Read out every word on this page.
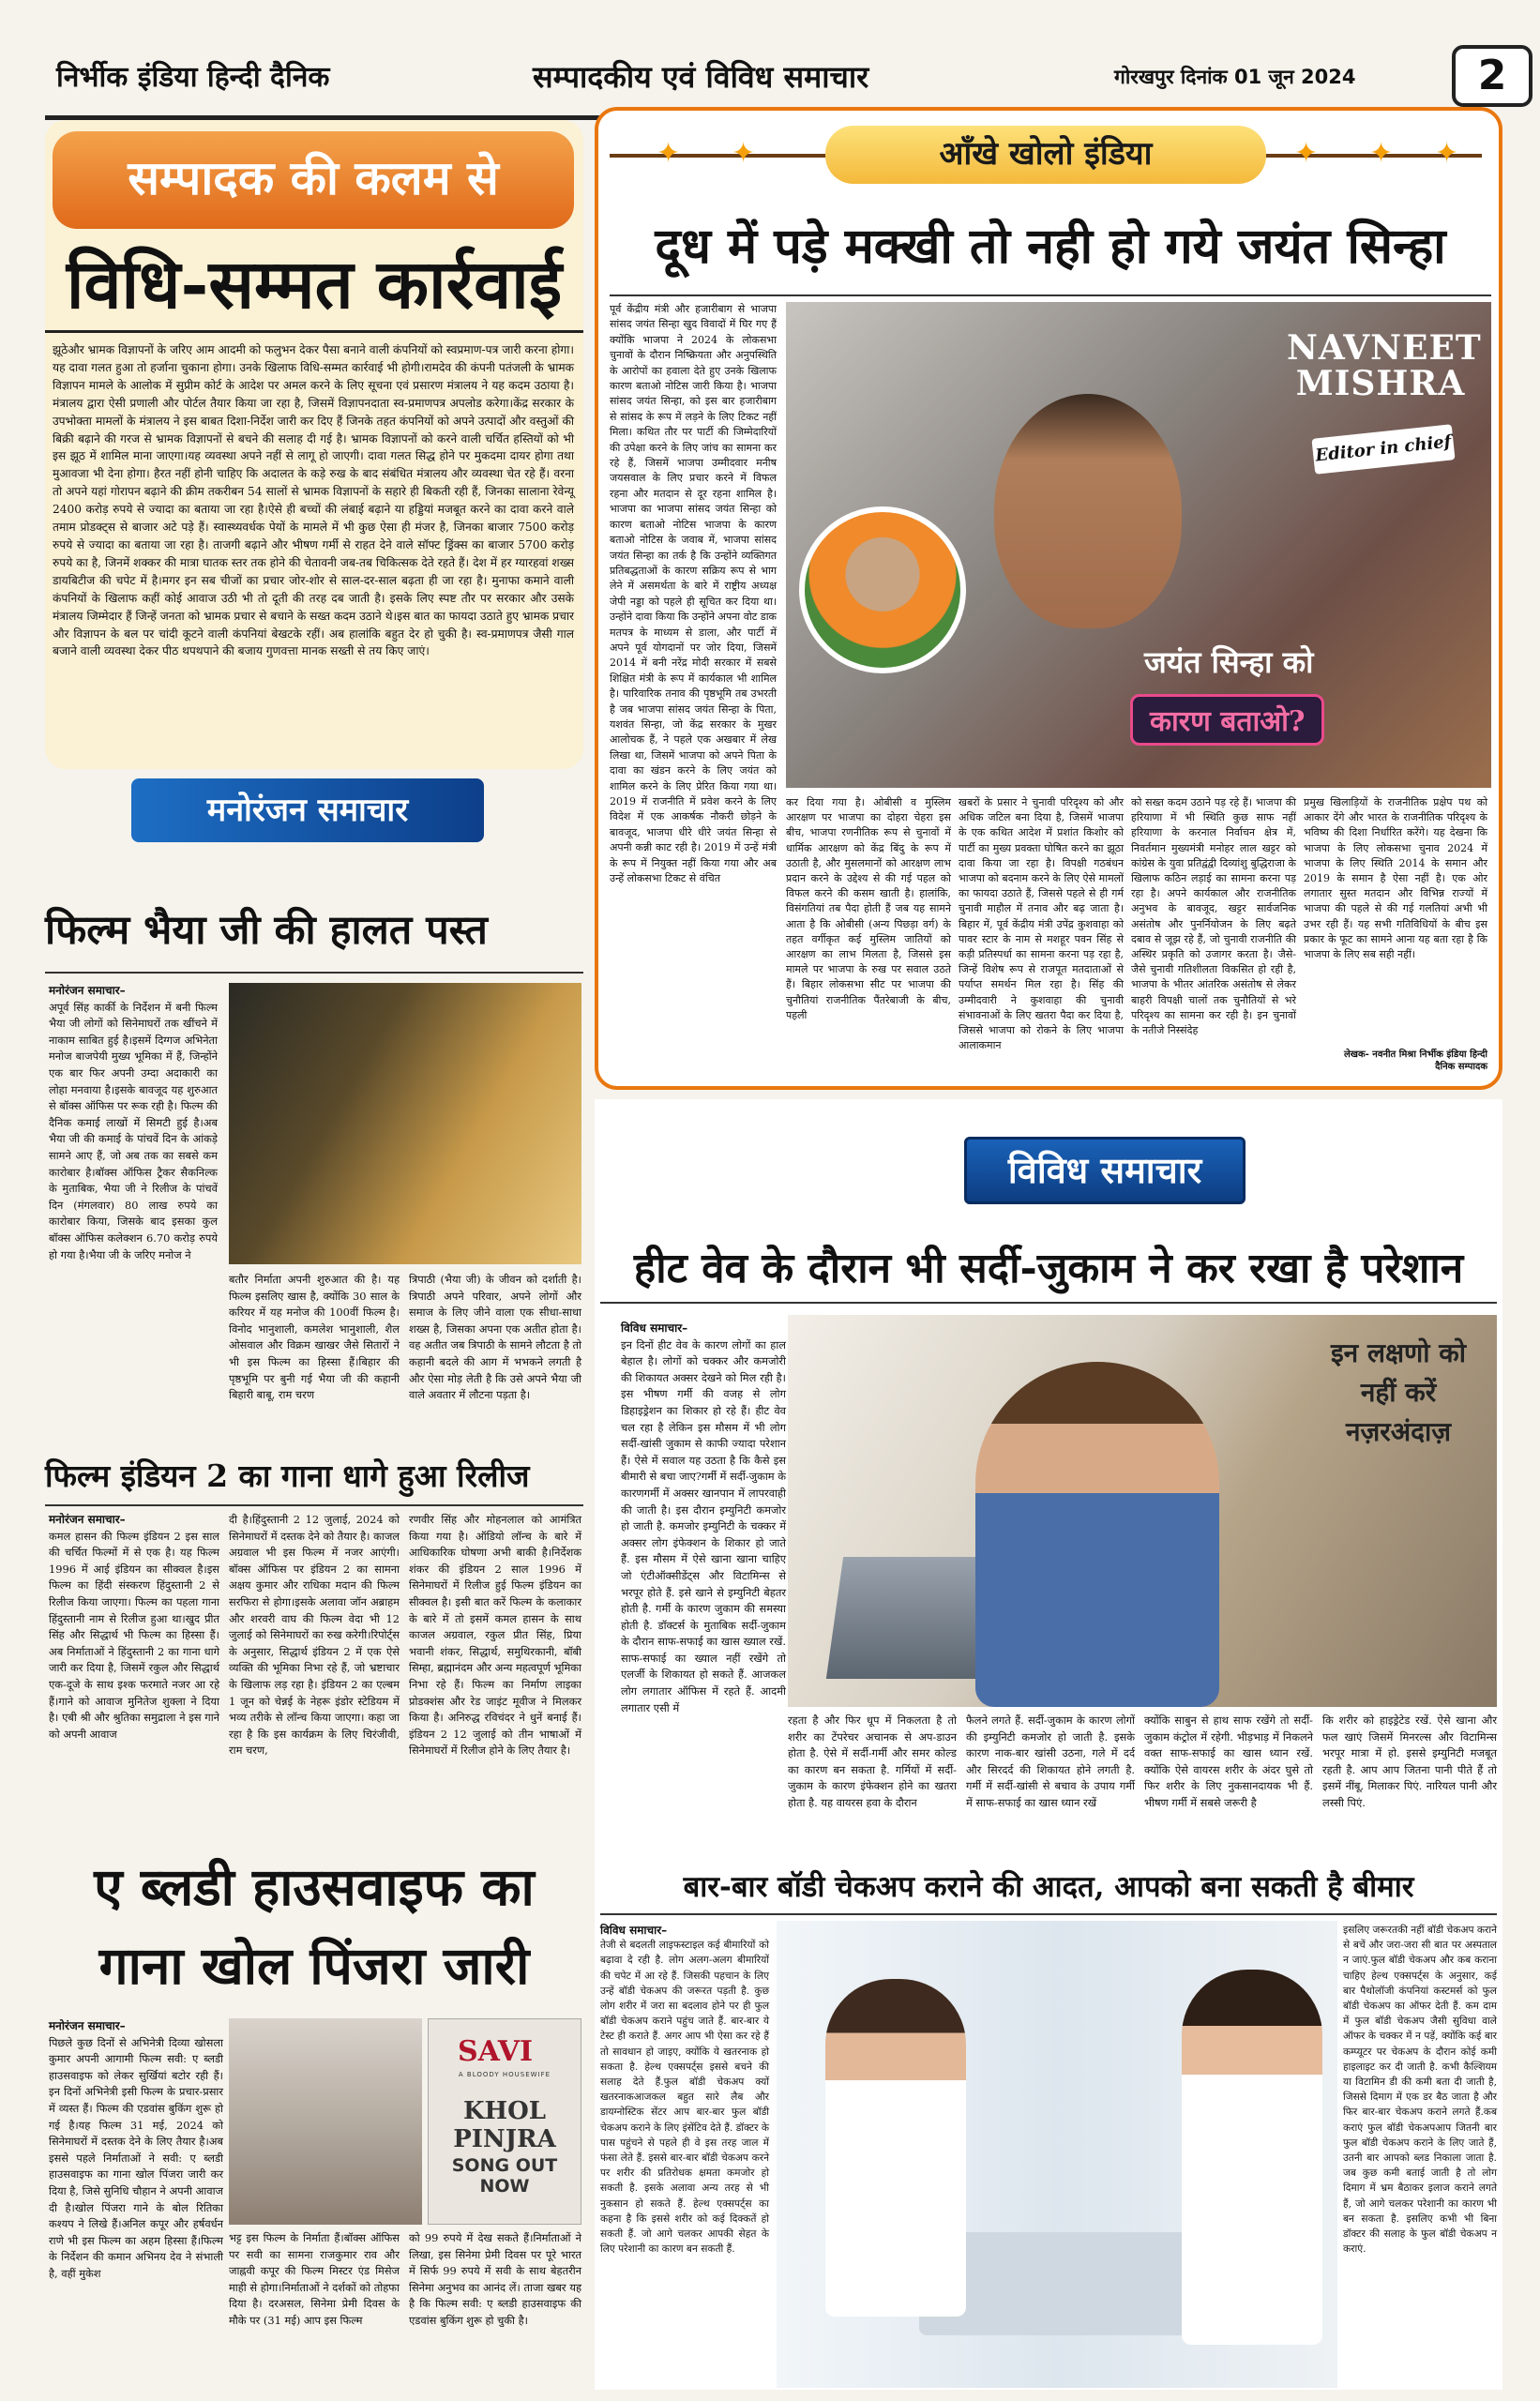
निर्भीक इंडिया हिन्दी दैनिक	सम्पादकीय एवं विविध समाचार	गोरखपुर दिनांक 01 जून 2024	2
सम्पादक की कलम से
विधि-सम्मत कार्रवाई
झूठेऔर भ्रामक विज्ञापनों के जरिए आम आदमी को फलुभन देकर पैसा बनाने वाली कंपनियों को स्वप्रमाण-पत्र जारी करना होगा। यह दावा गलत हुआ तो हर्जाना चुकाना होगा। उनके खिलाफ विधि-सम्मत कार्रवाई भी होगी।रामदेव की कंपनी पतंजली के भ्रामक विज्ञापन मामले के आलोक में सुप्रीम कोर्ट के आदेश पर अमल करने के लिए सूचना एवं प्रसारण मंत्रालय ने यह कदम उठाया है। मंत्रालय द्वारा ऐसी प्रणाली और पोर्टल तैयार किया जा रहा है, जिसमें विज्ञापनदाता स्व-प्रमाणपत्र अपलोड करेगा।केंद्र सरकार के उपभोक्ता मामलों के मंत्रालय ने इस बाबत दिशा-निर्देश जारी कर दिए हैं जिनके तहत कंपनियों को अपने उत्पादों और वस्तुओं की बिक्री बढ़ाने की गरज से भ्रामक विज्ञापनों से बचने की सलाह दी गई है। भ्रामक विज्ञापनों को करने वाली चर्चित हस्तियों को भी इस झूठ में शामिल माना जाएगा।यह व्यवस्था अपने नहीं से लागू हो जाएगी। दावा गलत सिद्ध होने पर मुकदमा दायर होगा तथा मुआवजा भी देना होगा। हैरत नहीं होनी चाहिए कि अदालत के कड़े रुख के बाद संबंधित मंत्रालय और व्यवस्था चेत रहे हैं। वरना तो अपने यहां गोरापन बढ़ाने की क्रीम तकरीबन 54 सालों से भ्रामक विज्ञापनों के सहारे ही बिकती रही हैं, जिनका सालाना रेवेन्यू 2400 करोड़ रुपये से ज्यादा का बताया जा रहा है।ऐसे ही बच्चों की लंबाई बढ़ाने या हड्डियां मजबूत करने का दावा करने वाले तमाम प्रोडक्ट्स से बाजार अटे पड़े हैं। स्वास्थ्यवर्धक पेयों के मामले में भी कुछ ऐसा ही मंजर है, जिनका बाजार 7500 करोड़ रुपये से ज्यादा का बताया जा रहा है। ताजगी बढ़ाने और भीषण गर्मी से राहत देने वाले सॉफ्ट ड्रिंक्स का बाजार 5700 करोड़ रुपये का है, जिनमें शक्कर की मात्रा घातक स्तर तक होने की चेतावनी जब-तब चिकित्सक देते रहते हैं। देश में हर ग्यारहवां शख्स डायबिटीज की चपेट में है।मगर इन सब चीजों का प्रचार जोर-शोर से साल-दर-साल बढ़ता ही जा रहा है। मुनाफा कमाने वाली कंपनियों के खिलाफ कहीं कोई आवाज उठी भी तो दूती की तरह दब जाती है। इसके लिए स्पष्ट तौर पर सरकार और उसके मंत्रालय जिम्मेदार हैं जिन्हें जनता को भ्रामक प्रचार से बचाने के सख्त कदम उठाने थे।इस बात का फायदा उठाते हुए भ्रामक प्रचार और विज्ञापन के बल पर चांदी कूटने वाली कंपनियां बेखटके रहीं। अब हालांकि बहुत देर हो चुकी है। स्व-प्रमाणपत्र जैसी गाल बजाने वाली व्यवस्था देकर पीठ थपथपाने की बजाय गुणवत्ता मानक सख्ती से तय किए जाएं।
✦ ✦	✦ ✦ ✦
आँखे खोलो इंडिया
दूध में पड़े मक्खी तो नही हो गये जयंत सिन्हा
पूर्व केंद्रीय मंत्री और हजारीबाग से भाजपा सांसद जयंत सिन्हा खुद विवादों में घिर गए हैं क्योंकि भाजपा ने 2024 के लोकसभा चुनावों के दौरान निष्क्रियता और अनुपस्थिति के आरोपों का हवाला देते हुए उनके खिलाफ कारण बताओ नोटिस जारी किया है। भाजपा सांसद जयंत सिन्हा, को इस बार हजारीबाग से सांसद के रूप में लड़ने के लिए टिकट नहीं मिला। कथित तौर पर पार्टी की जिम्मेदारियों की उपेक्षा करने के लिए जांच का सामना कर रहे हैं, जिसमें भाजपा उम्मीदवार मनीष जयसवाल के लिए प्रचार करने में विफल रहना और मतदान से दूर रहना शामिल है। भाजपा का भाजपा सांसद जयंत सिन्हा को कारण बताओ नोटिस भाजपा के कारण बताओ नोटिस के जवाब में, भाजपा सांसद जयंत सिन्हा का तर्क है कि उन्होंने व्यक्तिगत प्रतिबद्धताओं के कारण सक्रिय रूप से भाग लेने में असमर्थता के बारे में राष्ट्रीय अध्यक्ष जेपी नड्डा को पहले ही सूचित कर दिया था। उन्होंने दावा किया कि उन्होंने अपना वोट डाक मतपत्र के माध्यम से डाला, और पार्टी में अपने पूर्व योगदानों पर जोर दिया, जिसमें 2014 में बनी नरेंद्र मोदी सरकार में सबसे शिक्षित मंत्री के रूप में कार्यकाल भी शामिल है। पारिवारिक तनाव की पृष्ठभूमि तब उभरती है जब भाजपा सांसद जयंत सिन्हा के पिता, यशवंत सिन्हा, जो केंद्र सरकार के मुखर आलोचक हैं, ने पहले एक अखबार में लेख लिखा था, जिसमें भाजपा को अपने पिता के दावा का खंडन करने के लिए जयंत को शामिल करने के लिए प्रेरित किया गया था। 2019 में राजनीति में प्रवेश करने के लिए विदेश में एक आकर्षक नौकरी छोड़ने के बावजूद, भाजपा धीरे धीरे जयंत सिन्हा से अपनी कन्नी काट रही है। 2019 में उन्हें मंत्री के रूप में नियुक्त नहीं किया गया और अब उन्हें लोकसभा टिकट से वंचित
NAVNEET MISHRA
Editor in chief
जयंत सिन्हा को
कारण बताओ?
कर दिया गया है। ओबीसी व मुस्लिम आरक्षण पर भाजपा का दोहरा चेहरा इस बीच, भाजपा रणनीतिक रूप से चुनावों में धार्मिक आरक्षण को केंद्र बिंदु के रूप में उठाती है, और मुसलमानों को आरक्षण लाभ प्रदान करने के उद्देश्य से की गई पहल को विफल करने की कसम खाती है। हालांकि, विसंगतियां तब पैदा होती हैं जब यह सामने आता है कि ओबीसी (अन्य पिछड़ा वर्ग) के तहत वर्गीकृत कई मुस्लिम जातियों को आरक्षण का लाभ मिलता है, जिससे इस मामले पर भाजपा के रुख पर सवाल उठते हैं। बिहार लोकसभा सीट पर भाजपा की चुनौतियां राजनीतिक पैंतरेबाजी के बीच, पहली
खबरों के प्रसार ने चुनावी परिदृश्य को और अधिक जटिल बना दिया है, जिसमें भाजपा के एक कथित आदेश में प्रशांत किशोर को पार्टी का मुख्य प्रवक्ता घोषित करने का झूठा दावा किया जा रहा है। विपक्षी गठबंधन भाजपा को बदनाम करने के लिए ऐसे मामलों का फायदा उठाते हैं, जिससे पहले से ही गर्म चुनावी माहौल में तनाव और बढ़ जाता है। बिहार में, पूर्व केंद्रीय मंत्री उपेंद्र कुशवाहा को पावर स्टार के नाम से मशहूर पवन सिंह से कड़ी प्रतिस्पर्धा का सामना करना पड़ रहा है, जिन्हें विशेष रूप से राजपूत मतदाताओं से पर्याप्त समर्थन मिल रहा है। सिंह की उम्मीदवारी ने कुशवाहा की चुनावी संभावनाओं के लिए खतरा पैदा कर दिया है, जिससे भाजपा को रोकने के लिए भाजपा आलाकमान
को सख्त कदम उठाने पड़ रहे हैं। भाजपा की हरियाणा में भी स्थिति कुछ साफ नहीं हरियाणा के करनाल निर्वाचन क्षेत्र में, निवर्तमान मुख्यमंत्री मनोहर लाल खट्टर को कांग्रेस के युवा प्रतिद्वंद्वी दिव्यांशु बुद्धिराजा के खिलाफ कठिन लड़ाई का सामना करना पड़ रहा है। अपने कार्यकाल और राजनीतिक अनुभव के बावजूद, खट्टर सार्वजनिक असंतोष और पुनर्नियोजन के लिए बढ़ते दबाव से जूझ रहे हैं, जो चुनावी राजनीति की अस्थिर प्रकृति को उजागर करता है। जैसे-जैसे चुनावी गतिशीलता विकसित हो रही है, भाजपा के भीतर आंतरिक असंतोष से लेकर बाहरी विपक्षी चालों तक चुनौतियों से भरे परिदृश्य का सामना कर रही है। इन चुनावों के नतीजे निस्संदेह
प्रमुख खिलाड़ियों के राजनीतिक प्रक्षेप पथ को आकार देंगे और भारत के राजनीतिक परिदृश्य के भविष्य की दिशा निर्धारित करेंगे। यह देखना कि भाजपा के लिए लोकसभा चुनाव 2024 में भाजपा के लिए स्थिति 2014 के समान और 2019 के समान है ऐसा नहीं है। एक ओर लगातार सुस्त मतदान और विभिन्न राज्यों में भाजपा की पहले से की गई गलतियां अभी भी उभर रही हैं। यह सभी गतिविधियों के बीच इस प्रकार के फूट का सामने आना यह बता रहा है कि भाजपा के लिए सब सही नहीं।
लेखक- नवनीत मिश्रा निर्भीक इंडिया हिन्दी दैनिक सम्पादक
मनोरंजन समाचार
फिल्म भैया जी की हालत पस्त
मनोरंजन समाचार–
अपूर्व सिंह कार्की के निर्देशन में बनी फिल्म भैया जी लोगों को सिनेमाघरों तक खींचने में नाकाम साबित हुई है।इसमें दिग्गज अभिनेता मनोज बाजपेयी मुख्य भूमिका में हैं, जिन्होंने एक बार फिर अपनी उम्दा अदाकारी का लोहा मनवाया है।इसके बावजूद यह शुरुआत से बॉक्स ऑफिस पर रूक रही है। फिल्म की दैनिक कमाई लाखों में सिमटी हुई है।अब भैया जी की कमाई के पांचवें दिन के आंकड़े सामने आए हैं, जो अब तक का सबसे कम कारोबार है।बॉक्स ऑफिस ट्रैकर सैकनिल्क के मुताबिक, भैया जी ने रिलीज के पांचवें दिन (मंगलवार) 80 लाख रुपये का कारोबार किया, जिसके बाद इसका कुल बॉक्स ऑफिस कलेक्शन 6.70 करोड़ रुपये हो गया है।भैया जी के जरिए मनोज ने
बतौर निर्माता अपनी शुरुआत की है। यह फिल्म इसलिए खास है, क्योंकि 30 साल के करियर में यह मनोज की 100वीं फिल्म है।विनोद भानुशाली, कमलेश भानुशाली, शैल ओसवाल और विक्रम खाखर जैसे सितारों ने भी इस फिल्म का हिस्सा हैं।बिहार की पृष्ठभूमि पर बुनी गई भैया जी की कहानी बिहारी बाबू, राम चरण
त्रिपाठी (भैया जी) के जीवन को दर्शाती है।त्रिपाठी अपने परिवार, अपने लोगों और समाज के लिए जीने वाला एक सीधा-साधा शख्स है, जिसका अपना एक अतीत होता है।वह अतीत जब त्रिपाठी के सामने लौटता है तो कहानी बदले की आग में भभकने लगती है और ऐसा मोड़ लेती है कि उसे अपने भैया जी वाले अवतार में लौटना पड़ता है।
फिल्म इंडियन 2 का गाना धागे हुआ रिलीज
मनोरंजन समाचार–
कमल हासन की फिल्म इंडियन 2 इस साल की चर्चित फिल्मों में से एक है। यह फिल्म 1996 में आई इंडियन का सीक्वल है।इस फिल्म का हिंदी संस्करण हिंदुस्तानी 2 से रिलीज किया जाएगा। फिल्म का पहला गाना हिंदुस्तानी नाम से रिलीज हुआ था।खुद प्रीत सिंह और सिद्धार्थ भी फिल्म का हिस्सा हैं।अब निर्माताओं ने हिंदुस्तानी 2 का गाना धागे जारी कर दिया है, जिसमें रकुल और सिद्धार्थ एक-दूजे के साथ इश्क फरमाते नजर आ रहे हैं।गाने को आवाज मुनितेज शुक्ला ने दिया है। एबी श्री और श्रुतिका समुद्राला ने इस गाने को अपनी आवाज
दी है।हिंदुस्तानी 2 12 जुलाई, 2024 को सिनेमाघरों में दस्तक देने को तैयार है। काजल अग्रवाल भी इस फिल्म में नजर आएंगी।बॉक्स ऑफिस पर इंडियन 2 का सामना अक्षय कुमार और राधिका मदान की फिल्म सरफिरा से होगा।इसके अलावा जॉन अब्राहम और शरवरी वाघ की फिल्म वेदा भी 12 जुलाई को सिनेमाघरों का रुख करेगी।रिपोर्ट्स के अनुसार, सिद्धार्थ इंडियन 2 में एक ऐसे व्यक्ति की भूमिका निभा रहे हैं, जो भ्रष्टाचार के खिलाफ लड़ रहा है। इंडियन 2 का एल्बम 1 जून को चेन्नई के नेहरू इंडोर स्टेडियम में भव्य तरीके से लॉन्च किया जाएगा। कहा जा रहा है कि इस कार्यक्रम के लिए चिरंजीवी, राम चरण,
रणवीर सिंह और मोहनलाल को आमंत्रित किया गया है। ऑडियो लॉन्च के बारे में आधिकारिक घोषणा अभी बाकी है।निर्देशक शंकर की इंडियन 2 साल 1996 में सिनेमाघरों में रिलीज हुई फिल्म इंडियन का सीक्वल है। इसी बात करें फिल्म के कलाकार के बारे में तो इसमें कमल हासन के साथ काजल अग्रवाल, रकुल प्रीत सिंह, प्रिया भवानी शंकर, सिद्धार्थ, समुथिरकानी, बॉबी सिम्हा, ब्रह्मानंदम और अन्य महत्वपूर्ण भूमिका निभा रहे हैं। फिल्म का निर्माण लाइका प्रोडक्शंस और रेड जाइंट मूवीज ने मिलकर किया है। अनिरुद्ध रविचंदर ने धुनें बनाई हैं। इंडियन 2 12 जुलाई को तीन भाषाओं में सिनेमाघरों में रिलीज होने के लिए तैयार है।
ए ब्लडी हाउसवाइफ का गाना खोल पिंजरा जारी
मनोरंजन समाचार–
पिछले कुछ दिनों से अभिनेत्री दिव्या खोसला कुमार अपनी आगामी फिल्म सवी: ए ब्लडी हाउसवाइफ को लेकर सुर्खियां बटोर रही हैं।इन दिनों अभिनेत्री इसी फिल्म के प्रचार-प्रसार में व्यस्त हैं। फिल्म की एडवांस बुकिंग शुरू हो गई है।यह फिल्म 31 मई, 2024 को सिनेमाघरों में दस्तक देने के लिए तैयार है।अब इससे पहले निर्माताओं ने सवी: ए ब्लडी हाउसवाइफ का गाना खोल पिंजरा जारी कर दिया है, जिसे सुनिधि चौहान ने अपनी आवाज दी है।खोल पिंजरा गाने के बोल रितिका कश्यप ने लिखे हैं।अनिल कपूर और हर्षवर्धन राणे भी इस फिल्म का अहम हिस्सा हैं।फिल्म के निर्देशन की कमान अभिनय देव ने संभाली है, वहीं मुकेश
SAVI
A BLOODY HOUSEWIFE
KHOL PINJRA
SONG OUT NOW
भट्ट इस फिल्म के निर्माता हैं।बॉक्स ऑफिस पर सवी का सामना राजकुमार राव और जाह्नवी कपूर की फिल्म मिस्टर एंड मिसेज माही से होगा।निर्माताओं ने दर्शकों को तोहफा दिया है। दरअसल, सिनेमा प्रेमी दिवस के मौके पर (31 मई) आप इस फिल्म
को 99 रुपये में देख सकते हैं।निर्माताओं ने लिखा, इस सिनेमा प्रेमी दिवस पर पूरे भारत में सिर्फ 99 रुपये में सवी के साथ बेहतरीन सिनेमा अनुभव का आनंद लें। ताजा खबर यह है कि फिल्म सवी: ए ब्लडी हाउसवाइफ की एडवांस बुकिंग शुरू हो चुकी है।
विविध समाचार
हीट वेव के दौरान भी सर्दी-जुकाम ने कर रखा है परेशान
विविध समाचार–
इन दिनों हीट वेव के कारण लोगों का हाल बेहाल है। लोगों को चक्कर और कमजोरी की शिकायत अक्सर देखने को मिल रही है। इस भीषण गर्मी की वजह से लोग डिहाइड्रेशन का शिकार हो रहे हैं। हीट वेव चल रहा है लेकिन इस मौसम में भी लोग सर्दी-खांसी जुकाम से काफी ज्यादा परेशान हैं। ऐसे में सवाल यह उठता है कि कैसे इस बीमारी से बचा जाए?गर्मी में सर्दी-जुकाम के कारणगर्मी में अक्सर खानपान में लापरवाही की जाती है। इस दौरान इम्युनिटी कमजोर हो जाती है. कमजोर इम्युनिटी के चक्कर में अक्सर लोग इंफेक्शन के शिकार हो जाते हैं. इस मौसम में ऐसे खाना खाना चाहिए जो एंटीऑक्सीडेंट्स और विटामिन्स से भरपूर होते हैं. इसे खाने से इम्युनिटी बेहतर होती है. गर्मी के कारण जुकाम की समस्या होती है. डॉक्टर्स के मुताबिक सर्दी-जुकाम के दौरान साफ-सफाई का खास ख्याल रखें. साफ-सफाई का ख्याल नहीं रखेंगे तो एलर्जी के शिकायत हो सकते हैं. आजकल लोग लगातार ऑफिस में रहते हैं. आदमी लगातार एसी में
इन लक्षणो को नहीं करें नज़रअंदाज़
रहता है और फिर धूप में निकलता है तो शरीर का टेंपरेचर अचानक से अप-डाउन होता है. ऐसे में सर्दी-गर्मी और समर कोल्ड का कारण बन सकता है. गर्मियों में सर्दी-जुकाम के कारण इंफेक्शन होने का खतरा होता है. यह वायरस हवा के दौरान
फैलने लगते हैं. सर्दी-जुकाम के कारण लोगों की इम्युनिटी कमजोर हो जाती है. इसके कारण नाक-बार खांसी उठना, गले में दर्द और सिरदर्द की शिकायत होने लगती है. गर्मी में सर्दी-खांसी से बचाव के उपाय गर्मी में साफ-सफाई का खास ध्यान रखें
क्योंकि साबुन से हाथ साफ रखेंगे तो सर्दी-जुकाम कंट्रोल में रहेगी. भीड़भाड़ में निकलने वक्त साफ-सफाई का खास ध्यान रखें. क्योंकि ऐसे वायरस शरीर के अंदर घुसे तो फिर शरीर के लिए नुकसानदायक भी हैं. भीषण गर्मी में सबसे जरूरी है
कि शरीर को हाइड्रेटेड रखें. ऐसे खाना और फल खाएं जिसमें मिनरल्स और विटामिन्स भरपूर मात्रा में हो. इससे इम्युनिटी मजबूत रहती है. आप आप जितना पानी पीते हैं तो इसमें नींबू, मिलाकर पिएं. नारियल पानी और लस्सी पिएं.
बार-बार बॉडी चेकअप कराने की आदत, आपको बना सकती है बीमार
विविध समाचार–
तेजी से बदलती लाइफस्टाइल कई बीमारियों को बढ़ावा दे रही है. लोग अलग-अलग बीमारियों की चपेट में आ रहे हैं. जिसकी पहचान के लिए उन्हें बॉडी चेकअप की जरूरत पड़ती है. कुछ लोग शरीर में जरा सा बदलाव होने पर ही फुल बॉडी चेकअप कराने पहुंच जाते हैं. बार-बार ये टेस्ट ही कराते हैं. अगर आप भी ऐसा कर रहे हैं तो सावधान हो जाइए, क्योंकि ये खतरनाक हो सकता है. हेल्थ एक्सपर्ट्स इससे बचने की सलाह देते हैं.फुल बॉडी चेकअप क्यों खतरनाकआजकल बहुत सारे लैब और डायग्नोस्टिक सेंटर आप बार-बार फुल बॉडी चेकअप कराने के लिए इंसेंटिव देते हैं. डॉक्टर के पास पहुंचने से पहले ही वे इस तरह जाल में फंसा लेते हैं. इससे बार-बार बॉडी चेकअप करने पर शरीर की प्रतिरोधक क्षमता कमजोर हो सकती है. इसके अलावा अन्य तरह से भी नुकसान हो सकते हैं. हेल्थ एक्सपर्ट्स का कहना है कि इससे शरीर को कई दिक्कतें हो सकती हैं. जो आगे चलकर आपकी सेहत के लिए परेशानी का कारण बन सकती हैं.
इसलिए जरूरतकी नहीं बॉडी चेकअप कराने से बचें और जरा-जरा सी बात पर अस्पताल न जाएं.फुल बॉडी चेकअप और कब कराना चाहिए हेल्थ एक्सपर्ट्स के अनुसार, कई बार पैथोलॉजी कंपनियां कस्टमर्स को फुल बॉडी चेकअप का ऑफर देती हैं. कम दाम में फुल बॉडी चेकअप जैसी सुविधा वाले ऑफर के चक्कर में न पड़ें, क्योंकि कई बार कम्प्यूटर पर चेकअप के दौरान कोई कमी हाइलाइट कर दी जाती है. कभी कैल्शियम या विटामिन डी की कमी बता दी जाती है, जिससे दिमाग में एक डर बैठ जाता है और फिर बार-बार चेकअप कराने लगते हैं.कब कराएं फुल बॉडी चेकअपआप जितनी बार फुल बॉडी चेकअप कराने के लिए जाते हैं, उतनी बार आपको ब्लड निकाला जाता है. जब कुछ कमी बताई जाती है तो लोग दिमाग में भ्रम बैठाकर इलाज कराने लगते हैं, जो आगे चलकर परेशानी का कारण भी बन सकता है. इसलिए कभी भी बिना डॉक्टर की सलाह के फुल बॉडी चेकअप न कराएं.
